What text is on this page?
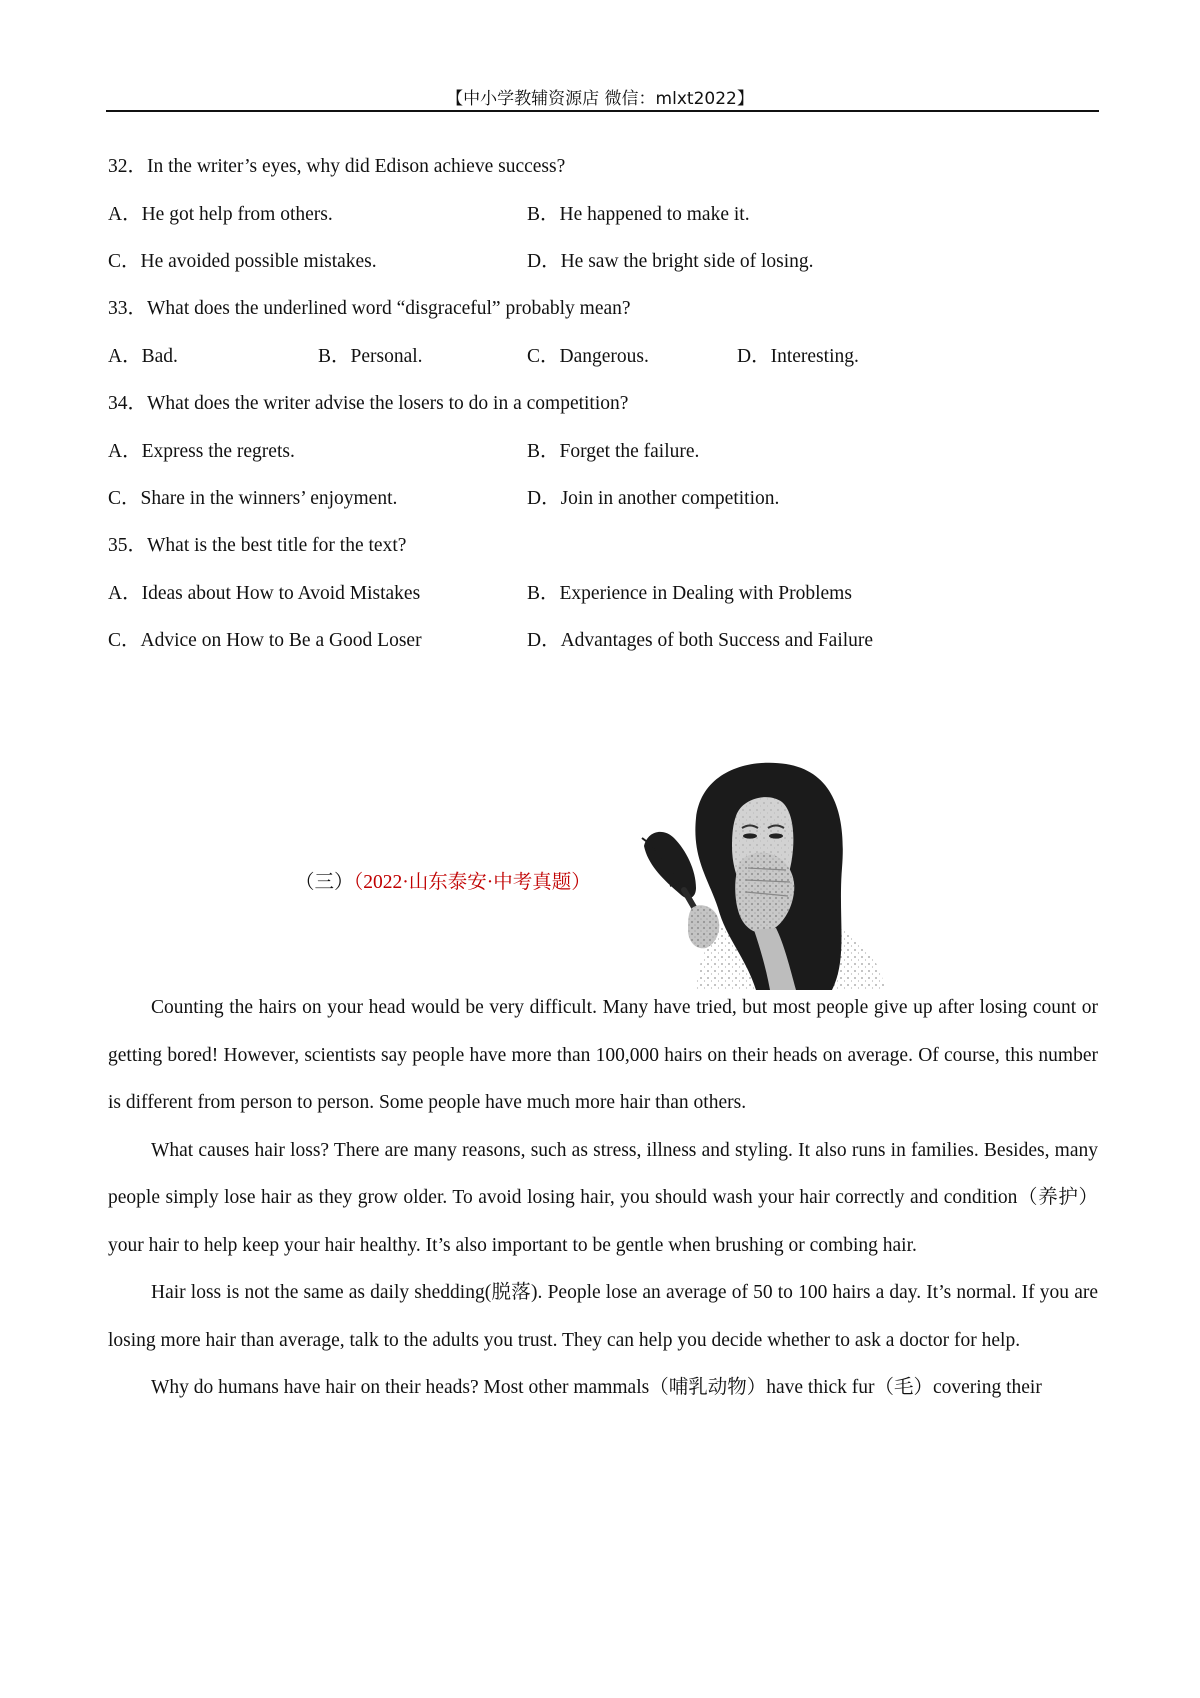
【中小学教辅资源店 微信：mlxt2022】
32．In the writer’s eyes, why did Edison achieve success?
A．He got help from others.	B．He happened to make it.
C．He avoided possible mistakes.	D．He saw the bright side of losing.
33．What does the underlined word “disgraceful” probably mean?
A．Bad.	B．Personal.	C．Dangerous.	D．Interesting.
34．What does the writer advise the losers to do in a competition?
A．Express the regrets.	B．Forget the failure.
C．Share in the winners’ enjoyment.	D．Join in another competition.
35．What is the best title for the text?
A．Ideas about How to Avoid Mistakes	B．Experience in Dealing with Problems
C．Advice on How to Be a Good Loser	D．Advantages of both Success and Failure
（三）（2022·山东泰安·中考真题）

Counting the hairs on your head would be very difficult. Many have tried, but most people give up after losing count or getting bored! However, scientists say people have more than 100,000 hairs on their heads on average. Of course, this number is different from person to person. Some people have much more hair than others.

What causes hair loss? There are many reasons, such as stress, illness and styling. It also runs in families. Besides, many people simply lose hair as they grow older. To avoid losing hair, you should wash your hair correctly and condition（养护）your hair to help keep your hair healthy. It’s also important to be gentle when brushing or combing hair.

Hair loss is not the same as daily shedding(脱落). People lose an average of 50 to 100 hairs a day. It’s normal. If you are losing more hair than average, talk to the adults you trust. They can help you decide whether to ask a doctor for help.

Why do humans have hair on their heads? Most other mammals（哺乳动物）have thick fur（毛）covering their
